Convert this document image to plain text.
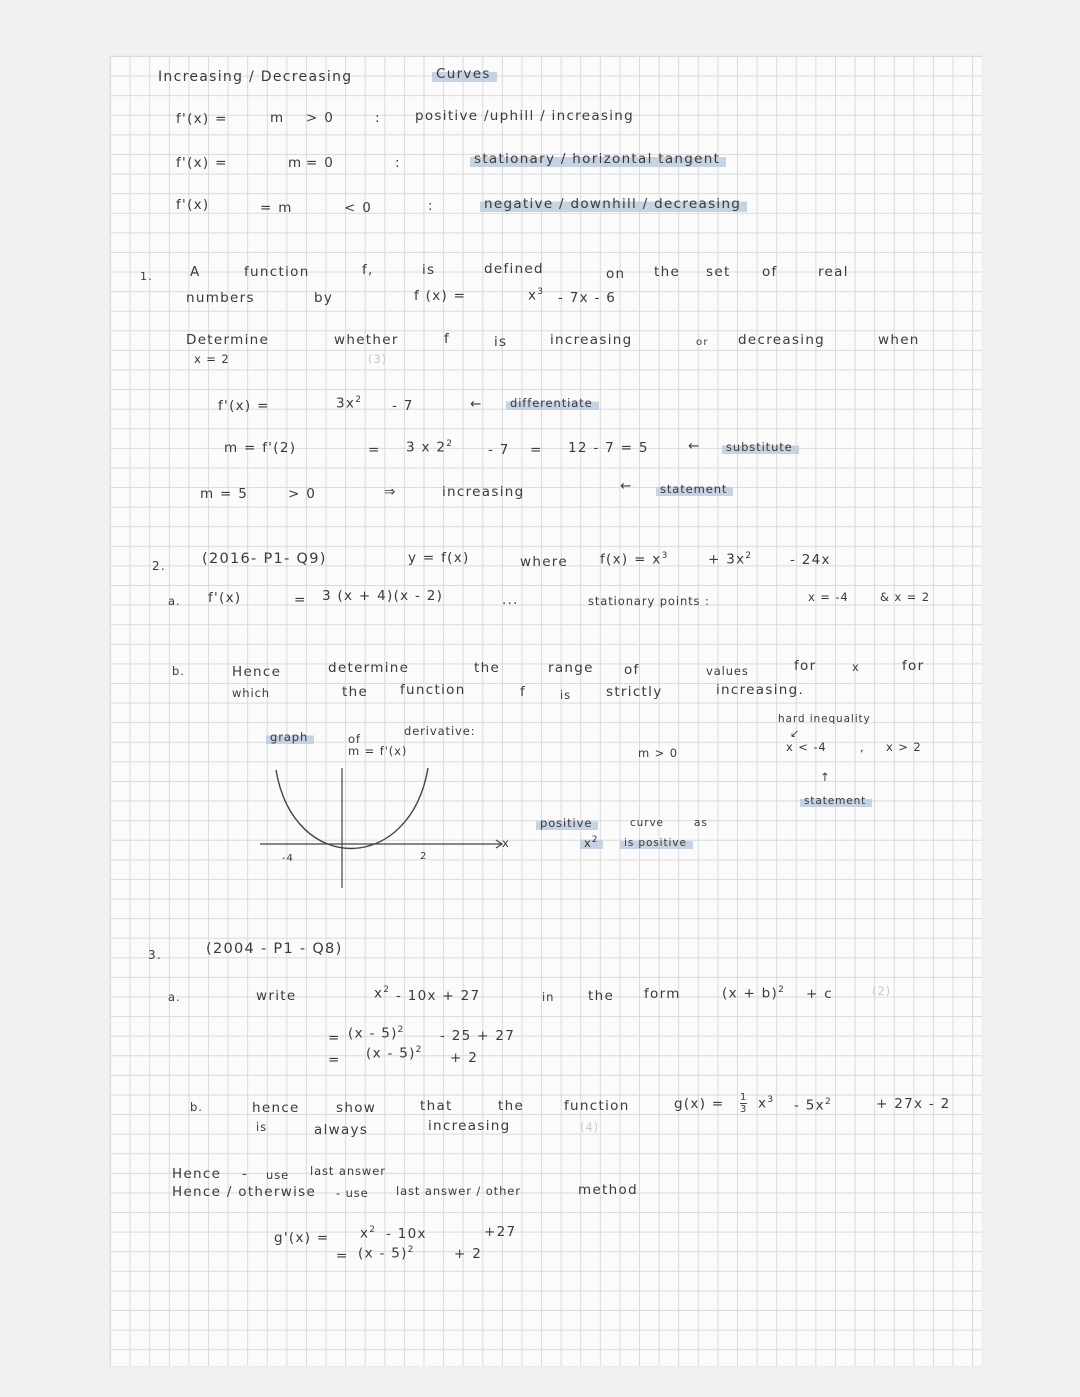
Increasing / Decreasing	Curves
f'(x) =	m > 0	:	positive /uphill / increasing
f'(x) =	m = 0	:	stationary / horizontal tangent
f'(x)	= m	< 0	:	negative / downhill / decreasing
1.	A	function	f,	is	defined	on the set of	real
numbers	by	f (x) =	$x^3 - 7x - 6$
Determine	whether	f	is	increasing	or decreasing	when
x = 2	(3)
f'(x) =	$3x^2 - 7$	←	differentiate
m = f'(2)	= 3 x $2^2$	- 7 = 12 - 7 = 5	←	substitute
m = 5	> 0	⇒	increasing	←	statement
2. (2016- P1- Q9)	y = f(x)	where $f(x) = x^3$	+ $3x^2$	- 24x
a. f'(x)	= 3 (x + 4)(x - 2)	...	stationary points :	x = -4	& x = 2
b.	Hence	determine	the	range of	values	for	x	for
which	the function	f	is	strictly	increasing.
hard inequality
↙
graph	of
derivative:
m = f'(x)	m > 0	x < -4	, x > 2
↑
statement
positive	curve	as
$x^2$	is positive
x
-4	2
3.	(2004 - P1 - Q8)
a.	write	$x^2 - 10x + 27$	in the form	$(x + b)^2 + c$	(2)
= (x - 5)$^2$	- 25 + 27
= (x - 5)$^2$ + 2
b.	hence	show	that	the	function	$g(x) = \frac{1}{3} x^3 - 5x^2$	+ 27x - 2
is	always	increasing	(4)
Hence - use last answer
Hence / otherwise - use last answer / other	method
$g'(x) = x^2 - 10x$	+27
= (x - 5)$^2$	+ 2
